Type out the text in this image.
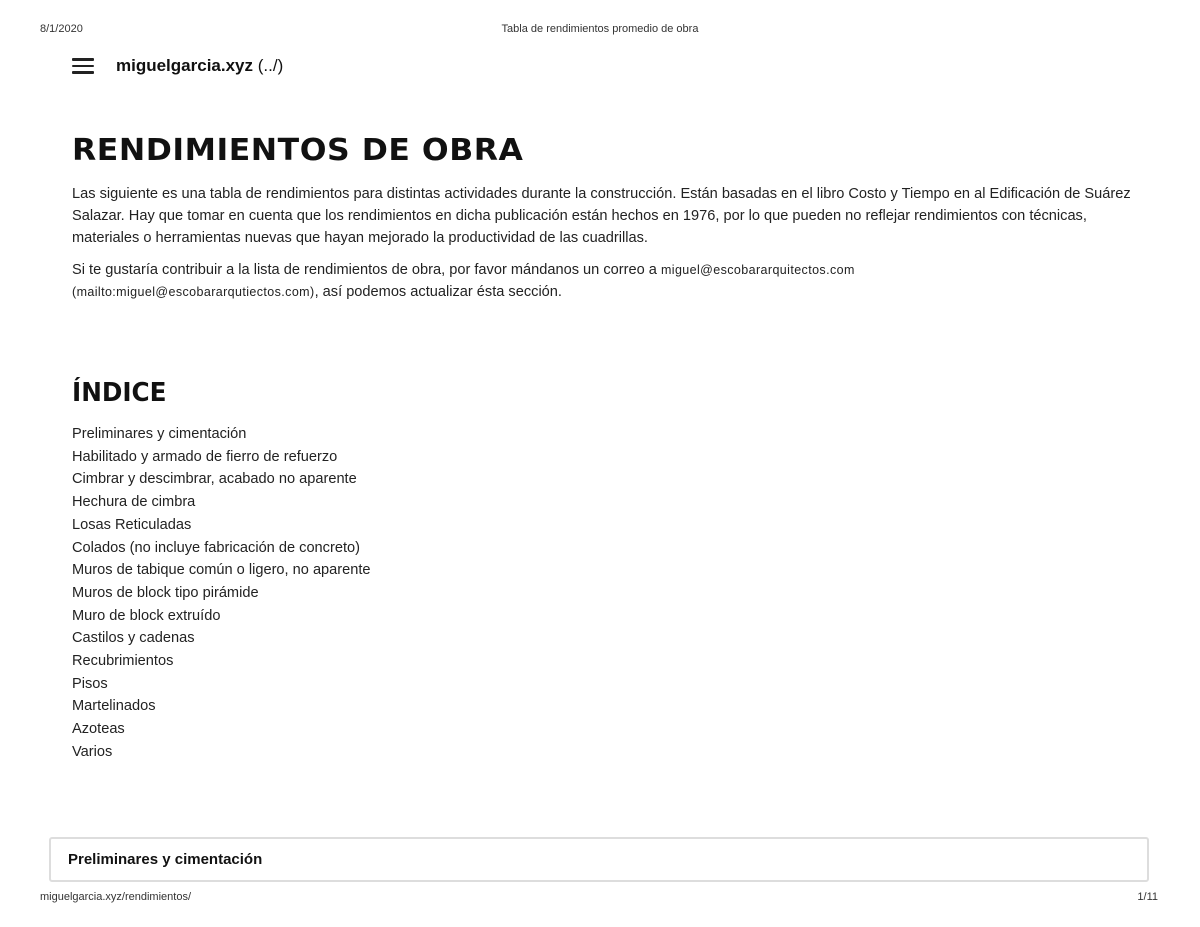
8/1/2020	Tabla de rendimientos promedio de obra
miguelgarcia.xyz (../)
RENDIMIENTOS DE OBRA

Las siguiente es una tabla de rendimientos para distintas actividades durante la construcción. Están basadas en el libro Costo y Tiempo en al Edificación de Suárez Salazar. Hay que tomar en cuenta que los rendimientos en dicha publicación están hechos en 1976, por lo que pueden no reflejar rendimientos con técnicas, materiales o herramientas nuevas que hayan mejorado la productividad de las cuadrillas.

Si te gustaría contribuir a la lista de rendimientos de obra, por favor mándanos un correo a miguel@escobararquitectos.com
(mailto:miguel@escobararqutiectos.com), así podemos actualizar ésta sección.

ÍNDICE
Preliminares y cimentación
Habilitado y armado de fierro de refuerzo
Cimbrar y descimbrar, acabado no aparente
Hechura de cimbra
Losas Reticuladas
Colados (no incluye fabricación de concreto)
Muros de tabique común o ligero, no aparente
Muros de block tipo pirámide
Muro de block extruído
Castilos y cadenas
Recubrimientos
Pisos
Martelinados
Azoteas
Varios
Preliminares y cimentación
miguelgarcia.xyz/rendimientos/	1/11
